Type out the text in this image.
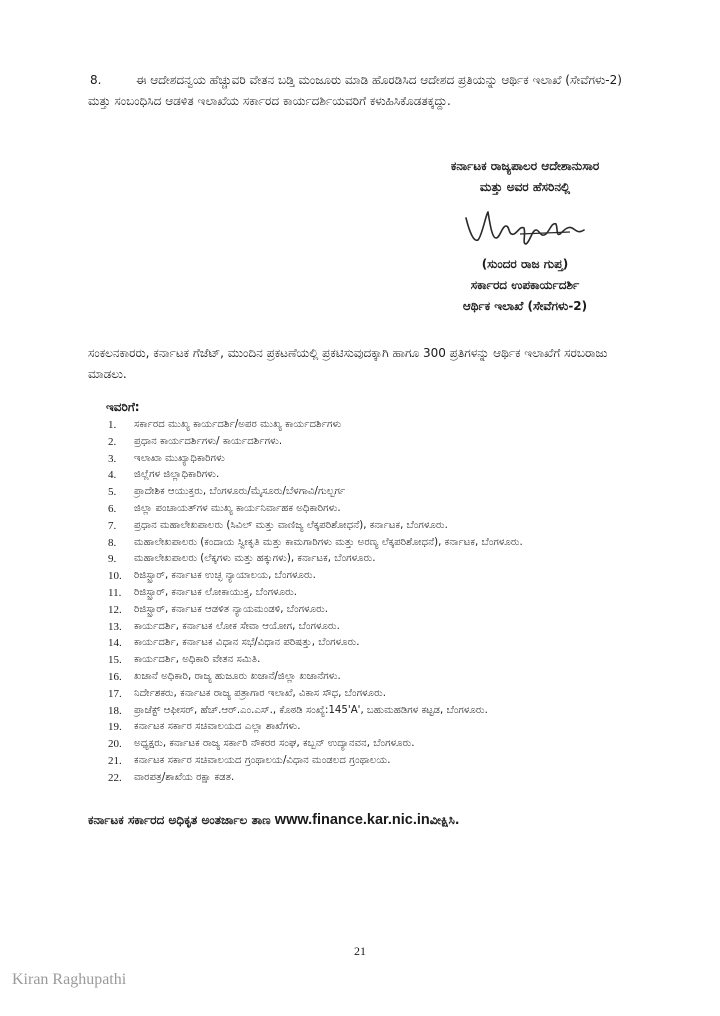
8.	ಈ ಆದೇಶದನ್ವಯ ಹೆಚ್ಚುವರಿ ವೇತನ ಬಡ್ತಿ ಮಂಜೂರು ಮಾಡಿ ಹೊರಡಿಸಿದ ಆದೇಶದ ಪ್ರತಿಯನ್ನು ಆರ್ಥಿಕ ಇಲಾಖೆ (ಸೇವೆಗಳು-2) ಮತ್ತು ಸಂಬಂಧಿಸಿದ ಆಡಳಿತ ಇಲಾಖೆಯ ಸರ್ಕಾರದ ಕಾರ್ಯದರ್ಶಿಯವರಿಗೆ ಕಳುಹಿಸಿಕೊಡತಕ್ಕದ್ದು.
ಕರ್ನಾಟಕ ರಾಜ್ಯಪಾಲರ ಆದೇಶಾನುಸಾರ
ಮತ್ತು ಅವರ ಹೆಸರಿನಲ್ಲಿ
(ಸುಂದರ ರಾಜ ಗುಪ್ತ)
ಸರ್ಕಾರದ ಉಪಕಾರ್ಯದರ್ಶಿ
ಆರ್ಥಿಕ ಇಲಾಖೆ (ಸೇವೆಗಳು-2)
ಸಂಕಲನಕಾರರು, ಕರ್ನಾಟಕ ಗೆಜೆಟ್, ಮುಂದಿನ ಪ್ರಕಟಣೆಯಲ್ಲಿ ಪ್ರಕಟಿಸುವುದಕ್ಕಾಗಿ ಹಾಗೂ 300 ಪ್ರತಿಗಳನ್ನು ಆರ್ಥಿಕ ಇಲಾಖೆಗೆ ಸರಬರಾಜು ಮಾಡಲು.
ಇವರಿಗೆ:
1.	ಸರ್ಕಾರದ ಮುಖ್ಯ ಕಾರ್ಯದರ್ಶಿ/ಅಪರ ಮುಖ್ಯ ಕಾರ್ಯದರ್ಶಿಗಳು
2.	ಪ್ರಧಾನ ಕಾರ್ಯದರ್ಶಿಗಳು/ ಕಾರ್ಯದರ್ಶಿಗಳು.
3.	ಇಲಾಖಾ ಮುಖ್ಯಾಧಿಕಾರಿಗಳು
4.	ಜಿಲ್ಲೆಗಳ ಜಿಲ್ಲಾಧಿಕಾರಿಗಳು.
5.	ಪ್ರಾದೇಶಿಕ ಆಯುಕ್ತರು, ಬೆಂಗಳೂರು/ಮೈಸೂರು/ಬೆಳಗಾವಿ/ಗುಲ್ಬರ್ಗ
6.	ಜಿಲ್ಲಾ ಪಂಚಾಯತ್‌ಗಳ ಮುಖ್ಯ ಕಾರ್ಯನಿರ್ವಾಹಕ ಅಧಿಕಾರಿಗಳು.
7.	ಪ್ರಧಾನ ಮಹಾಲೇಖಪಾಲರು (ಸಿವಿಲ್ ಮತ್ತು ವಾಣಿಜ್ಯ ಲೆಕ್ಕಪರಿಶೋಧನೆ), ಕರ್ನಾಟಕ, ಬೆಂಗಳೂರು.
8.	ಮಹಾಲೇಖಪಾಲರು (ಕಂದಾಯ ಸ್ವೀಕೃತಿ ಮತ್ತು ಕಾಮಗಾರಿಗಳು ಮತ್ತು ಅರಣ್ಯ ಲೆಕ್ಕಪರಿಶೋಧನೆ), ಕರ್ನಾಟಕ, ಬೆಂಗಳೂರು.
9.	ಮಹಾಲೇಖಪಾಲರು (ಲೆಕ್ಕಗಳು ಮತ್ತು ಹಕ್ಕುಗಳು), ಕರ್ನಾಟಕ, ಬೆಂಗಳೂರು.
10.	ರಿಜಿಸ್ಟ್ರಾರ್, ಕರ್ನಾಟಕ ಉಚ್ಛ ನ್ಯಾಯಾಲಯ, ಬೆಂಗಳೂರು.
11.	ರಿಜಿಸ್ಟ್ರಾರ್, ಕರ್ನಾಟಕ ಲೋಕಾಯುಕ್ತ, ಬೆಂಗಳೂರು.
12.	ರಿಜಿಸ್ಟ್ರಾರ್, ಕರ್ನಾಟಕ ಆಡಳಿತ ನ್ಯಾಯಮಂಡಳಿ, ಬೆಂಗಳೂರು.
13.	ಕಾರ್ಯದರ್ಶಿ, ಕರ್ನಾಟಕ ಲೋಕ ಸೇವಾ ಆಯೋಗ, ಬೆಂಗಳೂರು.
14.	ಕಾರ್ಯದರ್ಶಿ, ಕರ್ನಾಟಕ ವಿಧಾನ ಸಭೆ/ವಿಧಾನ ಪರಿಷತ್ತು, ಬೆಂಗಳೂರು.
15.	ಕಾರ್ಯದರ್ಶಿ, ಅಧಿಕಾರಿ ವೇತನ ಸಮಿತಿ.
16.	ಖಜಾನೆ ಅಧಿಕಾರಿ, ರಾಜ್ಯ ಹುಜೂರು ಖಜಾನೆ/ಜಿಲ್ಲಾ ಖಜಾನೆಗಳು.
17.	ನಿರ್ದೇಶಕರು, ಕರ್ನಾಟಕ ರಾಜ್ಯ ಪತ್ರಾಗಾರ ಇಲಾಖೆ, ವಿಕಾಸ ಸೌಧ, ಬೆಂಗಳೂರು.
18.	ಪ್ರಾಜೆಕ್ಟ್ ಆಫೀಸರ್, ಹೆಚ್.ಆರ್.ಎಂ.ಎಸ್., ಕೊಠಡಿ ಸಂಖ್ಯೆ:145'A', ಬಹುಮಹಡಿಗಳ ಕಟ್ಟಡ, ಬೆಂಗಳೂರು.
19.	ಕರ್ನಾಟಕ ಸರ್ಕಾರ ಸಚಿವಾಲಯದ ಎಲ್ಲಾ ಶಾಖೆಗಳು.
20.	ಅಧ್ಯಕ್ಷರು, ಕರ್ನಾಟಕ ರಾಜ್ಯ ಸರ್ಕಾರಿ ನೌಕರರ ಸಂಘ, ಕಬ್ಬನ್ ಉದ್ಯಾನವನ, ಬೆಂಗಳೂರು.
21.	ಕರ್ನಾಟಕ ಸರ್ಕಾರ ಸಚಿವಾಲಯದ ಗ್ರಂಥಾಲಯ/ವಿಧಾನ ಮಂಡಲದ ಗ್ರಂಥಾಲಯ.
22.	ವಾರಪತ್ರ/ಶಾಖೆಯ ರಕ್ಷಾ ಕಡತ.
ಕರ್ನಾಟಕ ಸರ್ಕಾರದ ಅಧಿಕೃತ ಅಂತರ್ಜಾಲ ತಾಣ www.finance.kar.nic.inವೀಕ್ಷಿಸಿ.
21
Kiran Raghupathi
